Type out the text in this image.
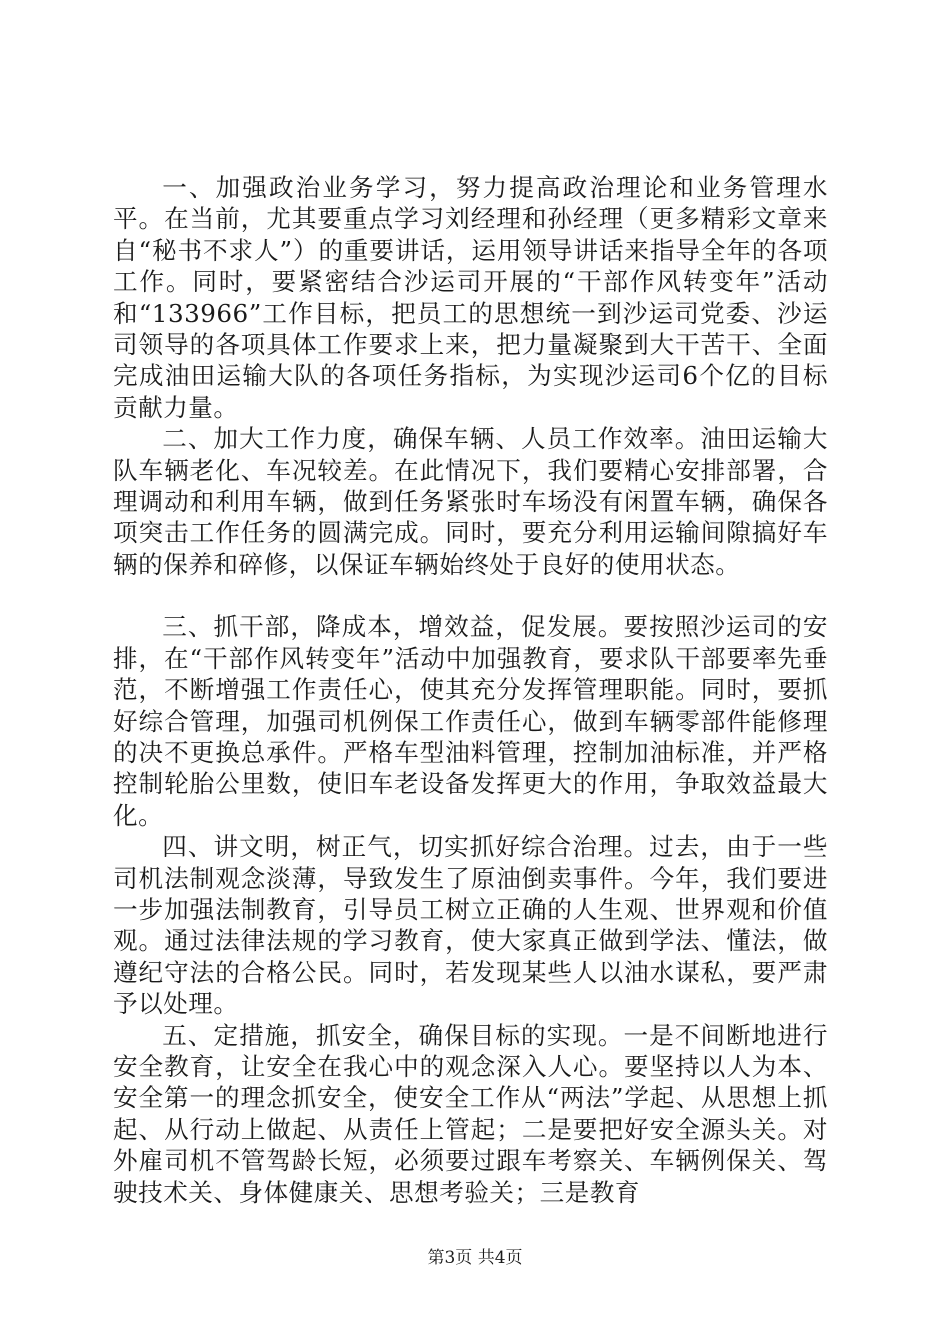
一、加强政治业务学习，努力提高政治理论和业务管理水平。在当前，尤其要重点学习刘经理和孙经理（更多精彩文章来自“秘书不求人”）的重要讲话，运用领导讲话来指导全年的各项工作。同时，要紧密结合沙运司开展的“干部作风转变年”活动和“133966”工作目标，把员工的思想统一到沙运司党委、沙运司领导的各项具体工作要求上来，把力量凝聚到大干苦干、全面完成油田运输大队的各项任务指标，为实现沙运司6个亿的目标贡献力量。

二、加大工作力度，确保车辆、人员工作效率。油田运输大队车辆老化、车况较差。在此情况下，我们要精心安排部署，合理调动和利用车辆，做到任务紧张时车场没有闲置车辆，确保各项突击工作任务的圆满完成。同时，要充分利用运输间隙搞好车辆的保养和碎修，以保证车辆始终处于良好的使用状态。

三、抓干部，降成本，增效益，促发展。要按照沙运司的安排，在“干部作风转变年”活动中加强教育，要求队干部要率先垂范，不断增强工作责任心，使其充分发挥管理职能。同时，要抓好综合管理，加强司机例保工作责任心，做到车辆零部件能修理的决不更换总承件。严格车型油料管理，控制加油标准，并严格控制轮胎公里数，使旧车老设备发挥更大的作用，争取效益最大化。

四、讲文明，树正气，切实抓好综合治理。过去，由于一些司机法制观念淡薄，导致发生了原油倒卖事件。今年，我们要进一步加强法制教育，引导员工树立正确的人生观、世界观和价值观。通过法律法规的学习教育，使大家真正做到学法、懂法，做遵纪守法的合格公民。同时，若发现某些人以油水谋私，要严肃予以处理。

五、定措施，抓安全，确保目标的实现。一是不间断地进行安全教育，让安全在我心中的观念深入人心。要坚持以人为本、安全第一的理念抓安全，使安全工作从“两法”学起、从思想上抓起、从行动上做起、从责任上管起；二是要把好安全源头关。对外雇司机不管驾龄长短，必须要过跟车考察关、车辆例保关、驾驶技术关、身体健康关、思想考验关；三是教育

第3页 共4页
